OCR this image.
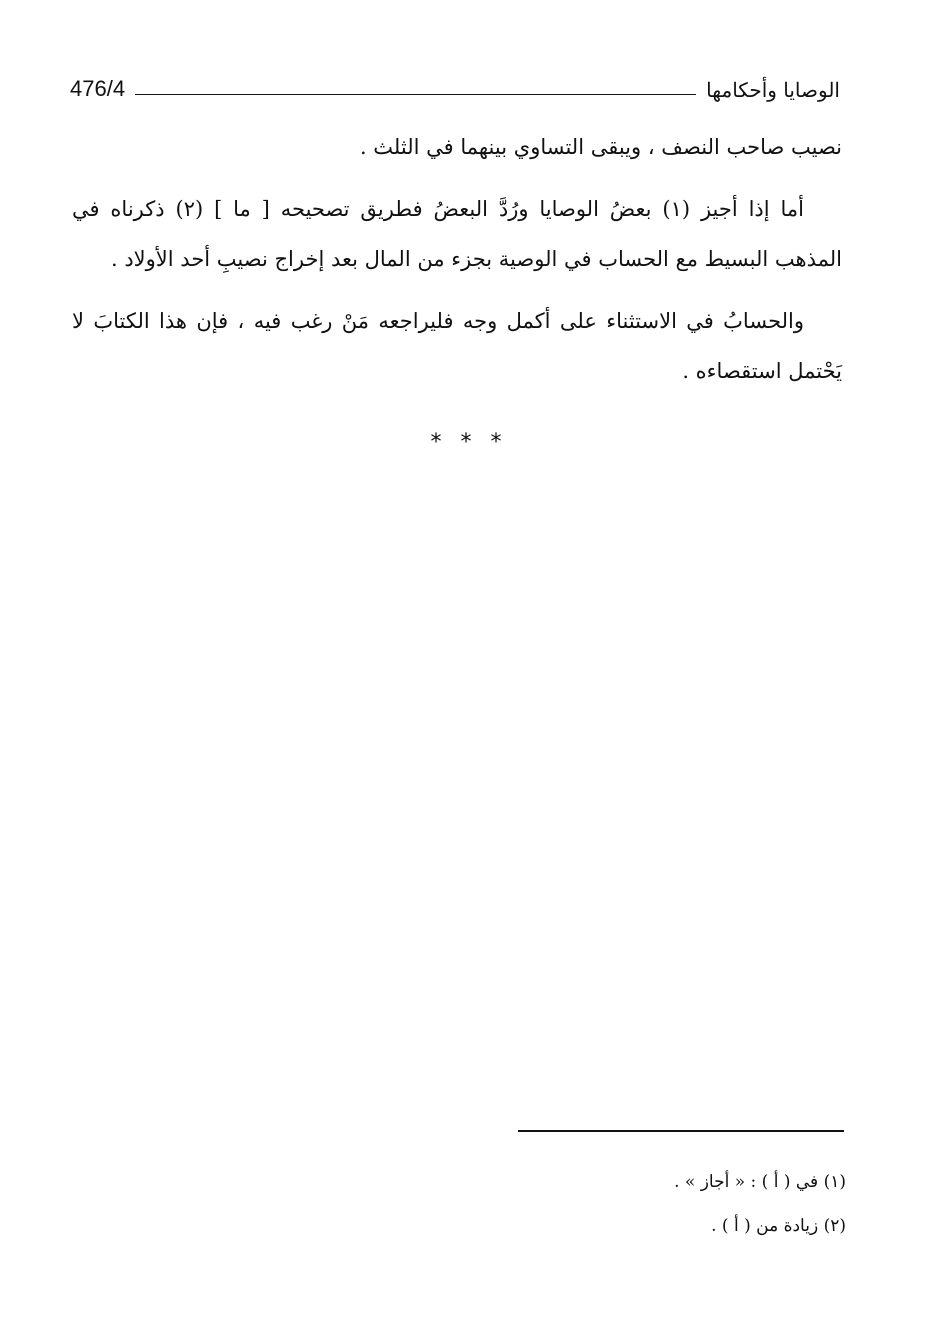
476/4	الوصايا وأحكامها

نصيب صاحب النصف ، ويبقى التساوي بينهما في الثلث .

أما إذا أجيز (١) بعضُ الوصايا ورُدَّ البعضُ فطريق تصحيحه [ ما ] (٢) ذكرناه في المذهب البسيط مع الحساب في الوصية بجزء من المال بعد إخراج نصيبِ أحد الأولاد .

والحسابُ في الاستثناء على أكمل وجه فليراجعه مَنْ رغب فيه ، فإن هذا الكتابَ لا يَحْتمل استقصاءه .

* * *
(١) في ( أ ) : « أجاز » .
(٢) زيادة من ( أ ) .
